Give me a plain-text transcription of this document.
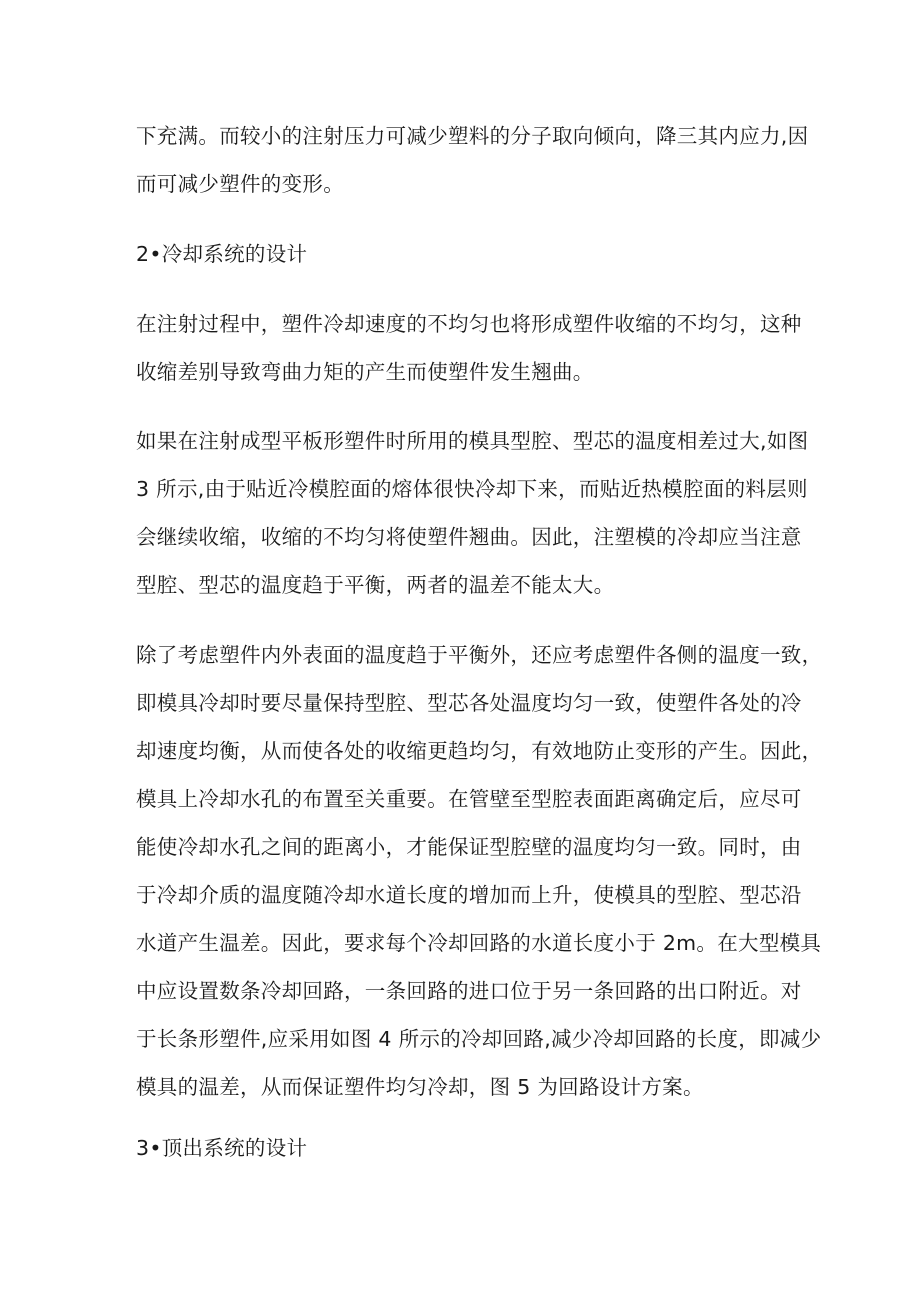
下充满。而较小的注射压力可减少塑料的分子取向倾向，降三其内应力,因
而可减少塑件的变形。
2•冷却系统的设计
在注射过程中，塑件冷却速度的不均匀也将形成塑件收缩的不均匀，这种
收缩差别导致弯曲力矩的产生而使塑件发生翘曲。
如果在注射成型平板形塑件时所用的模具型腔、型芯的温度相差过大,如图
3 所示,由于贴近冷模腔面的熔体很快冷却下来，而贴近热模腔面的料层则
会继续收缩，收缩的不均匀将使塑件翘曲。因此，注塑模的冷却应当注意
型腔、型芯的温度趋于平衡，两者的温差不能太大。
除了考虑塑件内外表面的温度趋于平衡外，还应考虑塑件各侧的温度一致，
即模具冷却时要尽量保持型腔、型芯各处温度均匀一致，使塑件各处的冷
却速度均衡，从而使各处的收缩更趋均匀，有效地防止变形的产生。因此，
模具上冷却水孔的布置至关重要。在管壁至型腔表面距离确定后，应尽可
能使冷却水孔之间的距离小，才能保证型腔壁的温度均匀一致。同时，由
于冷却介质的温度随冷却水道长度的增加而上升，使模具的型腔、型芯沿
水道产生温差。因此，要求每个冷却回路的水道长度小于 2m。在大型模具
中应设置数条冷却回路，一条回路的进口位于另一条回路的出口附近。对
于长条形塑件,应采用如图 4 所示的冷却回路,减少冷却回路的长度，即减少
模具的温差，从而保证塑件均匀冷却，图 5 为回路设计方案。
3•顶出系统的设计
